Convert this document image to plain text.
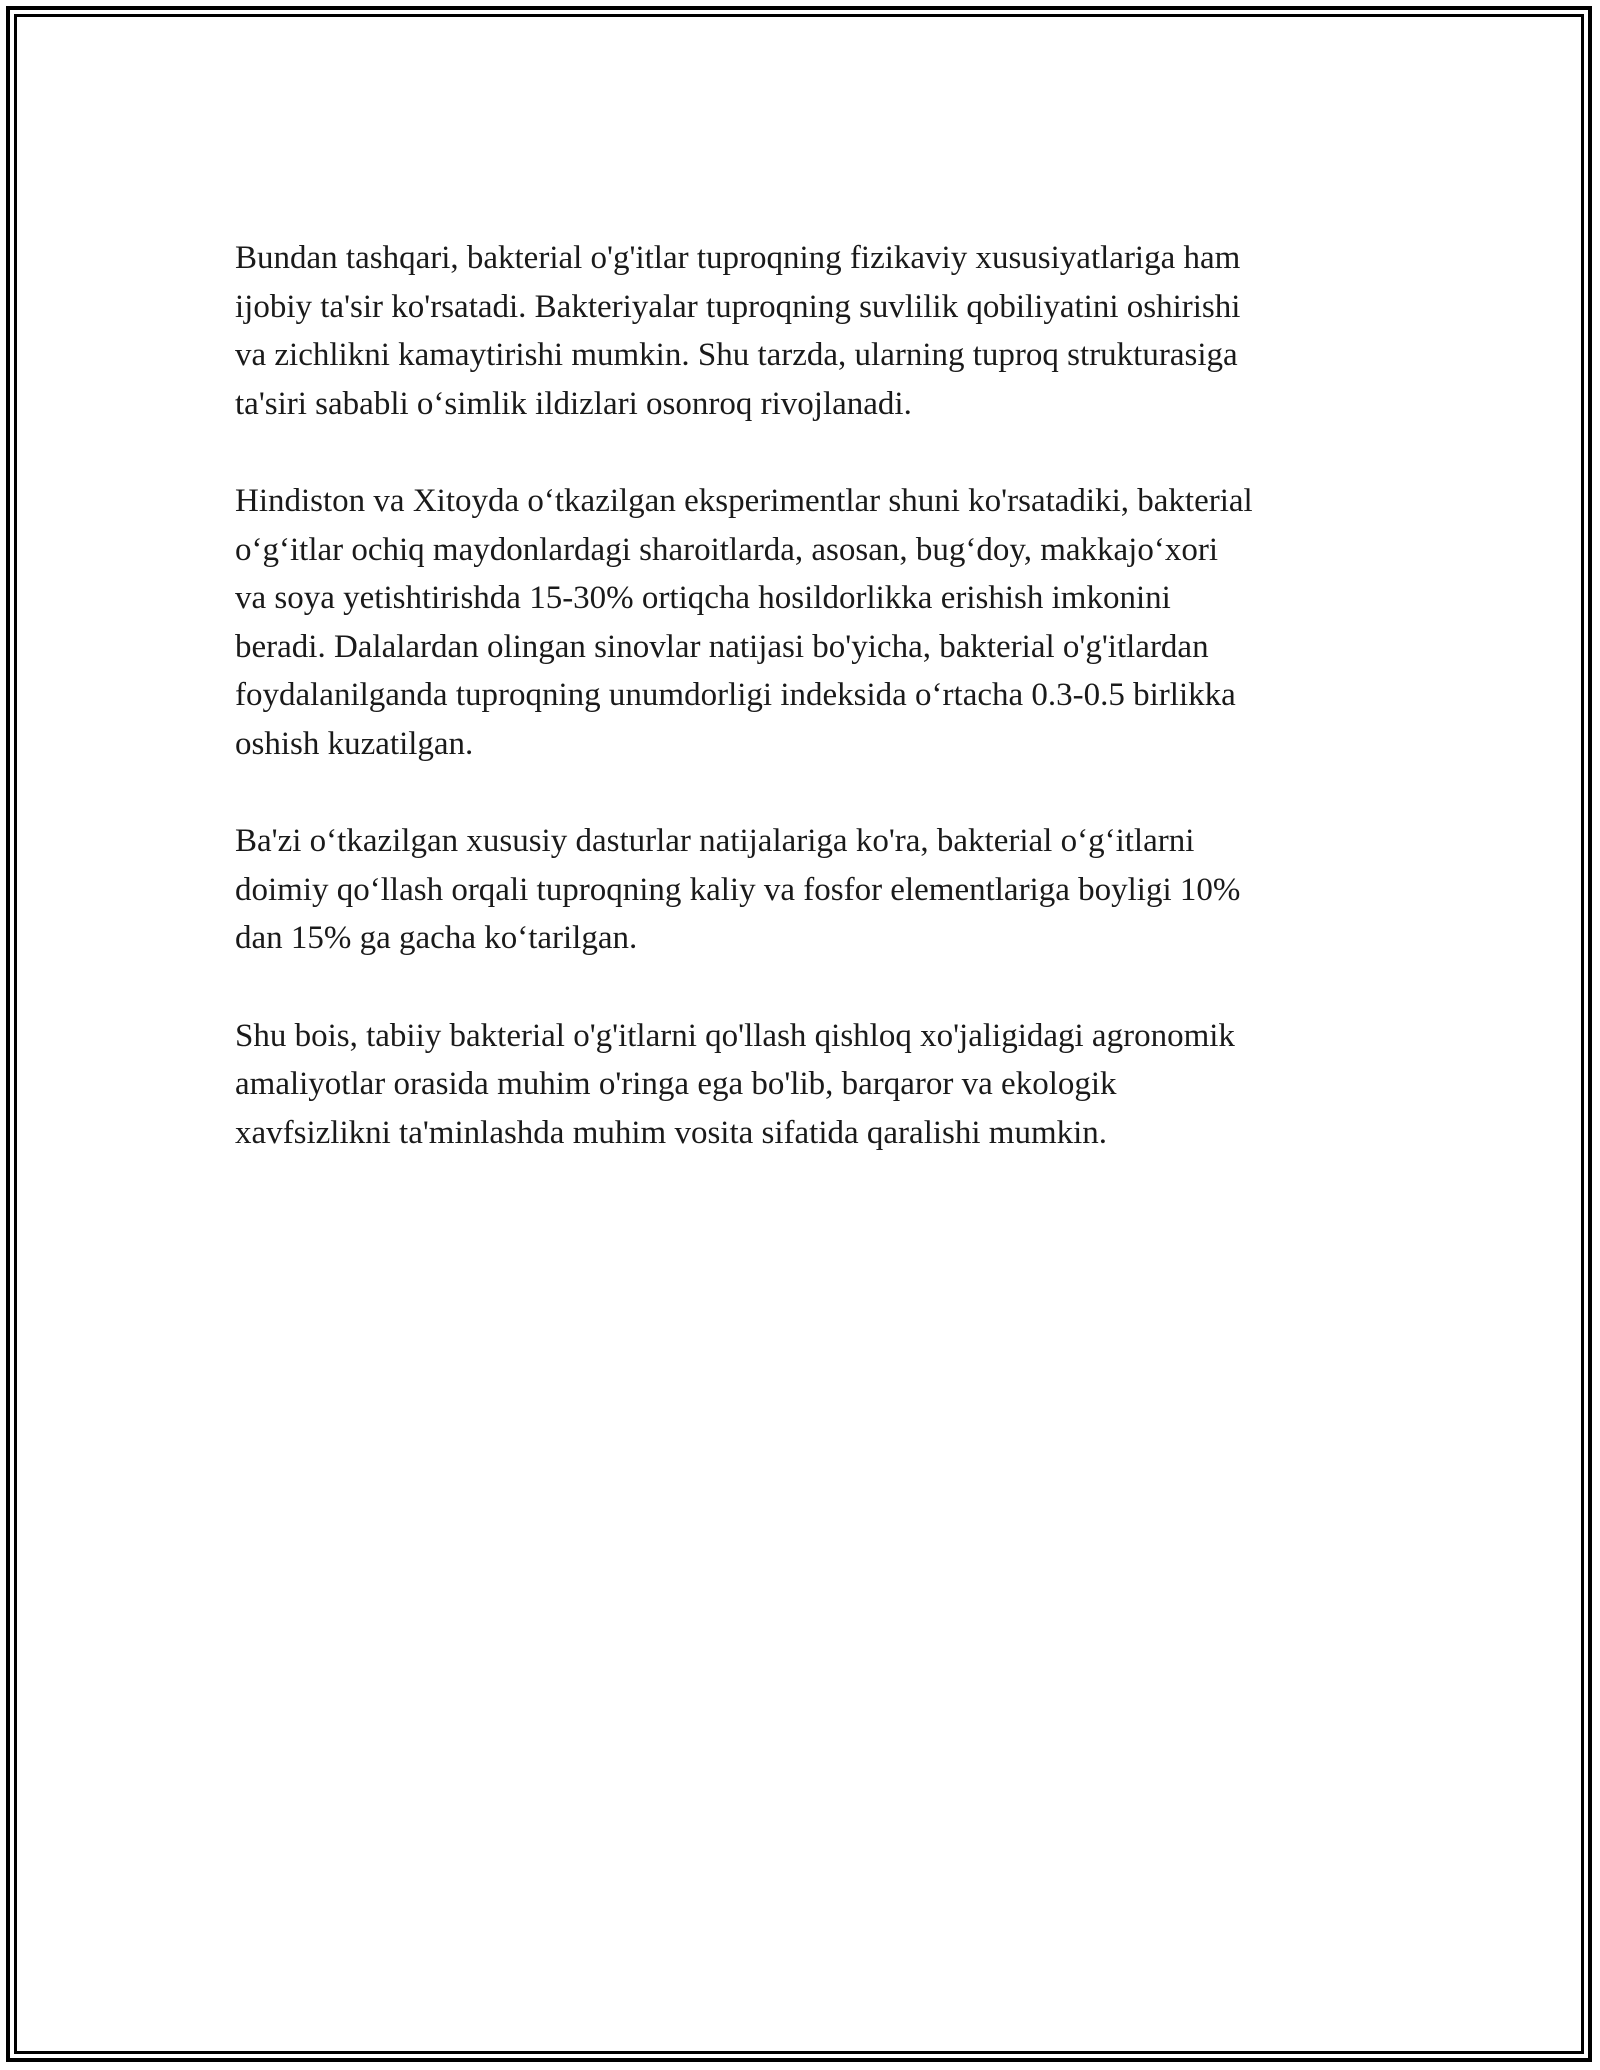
Bundan tashqari, bakterial o'g'itlar tuproqning fizikaviy xususiyatlariga ham
ijobiy ta'sir ko'rsatadi. Bakteriyalar tuproqning suvlilik qobiliyatini oshirishi
va zichlikni kamaytirishi mumkin. Shu tarzda, ularning tuproq strukturasiga
ta'siri sababli o‘simlik ildizlari osonroq rivojlanadi.

Hindiston va Xitoyda o‘tkazilgan eksperimentlar shuni ko'rsatadiki, bakterial
o‘g‘itlar ochiq maydonlardagi sharoitlarda, asosan, bug‘doy, makkajo‘xori
va soya yetishtirishda 15-30% ortiqcha hosildorlikka erishish imkonini
beradi. Dalalardan olingan sinovlar natijasi bo'yicha, bakterial o'g'itlardan
foydalanilganda tuproqning unumdorligi indeksida o‘rtacha 0.3-0.5 birlikka
oshish kuzatilgan.

Ba'zi o‘tkazilgan xususiy dasturlar natijalariga ko'ra, bakterial o‘g‘itlarni
doimiy qo‘llash orqali tuproqning kaliy va fosfor elementlariga boyligi 10%
dan 15% ga gacha ko‘tarilgan.

Shu bois, tabiiy bakterial o'g'itlarni qo'llash qishloq xo'jaligidagi agronomik
amaliyotlar orasida muhim o'ringa ega bo'lib, barqaror va ekologik
xavfsizlikni ta'minlashda muhim vosita sifatida qaralishi mumkin.
